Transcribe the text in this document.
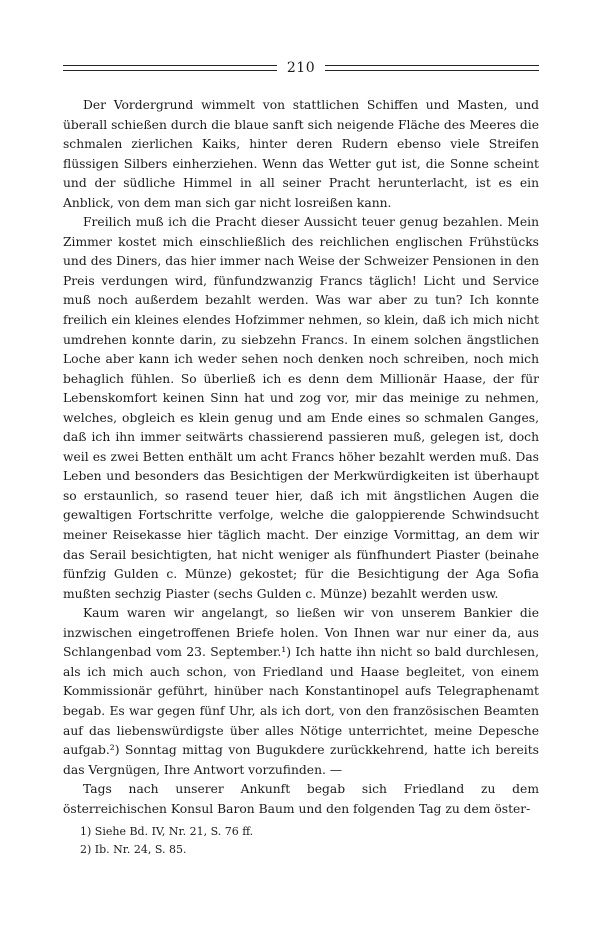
210

Der Vordergrund wimmelt von stattlichen Schiffen und Masten, und überall schießen durch die blaue sanft sich neigende Fläche des Meeres die schmalen zierlichen Kaiks, hinter deren Rudern ebenso viele Streifen flüssigen Silbers einherziehen. Wenn das Wetter gut ist, die Sonne scheint und der südliche Himmel in all seiner Pracht herunterlacht, ist es ein Anblick, von dem man sich gar nicht losreißen kann.

Freilich muß ich die Pracht dieser Aussicht teuer genug bezahlen. Mein Zimmer kostet mich einschließlich des reichlichen englischen Frühstücks und des Diners, das hier immer nach Weise der Schweizer Pensionen in den Preis verdungen wird, fünfundzwanzig Francs täglich! Licht und Service muß noch außerdem bezahlt werden. Was war aber zu tun? Ich konnte freilich ein kleines elendes Hofzimmer nehmen, so klein, daß ich mich nicht umdrehen konnte darin, zu siebzehn Francs. In einem solchen ängstlichen Loche aber kann ich weder sehen noch denken noch schreiben, noch mich behaglich fühlen. So überließ ich es denn dem Millionär Haase, der für Lebenskomfort keinen Sinn hat und zog vor, mir das meinige zu nehmen, welches, obgleich es klein genug und am Ende eines so schmalen Ganges, daß ich ihn immer seitwärts chassierend passieren muß, gelegen ist, doch weil es zwei Betten enthält um acht Francs höher bezahlt werden muß. Das Leben und besonders das Besichtigen der Merkwürdigkeiten ist überhaupt so erstaunlich, so rasend teuer hier, daß ich mit ängstlichen Augen die gewaltigen Fortschritte verfolge, welche die galoppierende Schwindsucht meiner Reisekasse hier täglich macht. Der einzige Vormittag, an dem wir das Serail besichtigten, hat nicht weniger als fünfhundert Piaster (beinahe fünfzig Gulden c. Münze) gekostet; für die Besichtigung der Aga Sofia mußten sechzig Piaster (sechs Gulden c. Münze) bezahlt werden usw.

Kaum waren wir angelangt, so ließen wir von unserem Bankier die inzwischen eingetroffenen Briefe holen. Von Ihnen war nur einer da, aus Schlangenbad vom 23. September.¹) Ich hatte ihn nicht so bald durchlesen, als ich mich auch schon, von Friedland und Haase begleitet, von einem Kommissionär geführt, hinüber nach Konstantinopel aufs Telegraphenamt begab. Es war gegen fünf Uhr, als ich dort, von den französischen Beamten auf das liebenswürdigste über alles Nötige unterrichtet, meine Depesche aufgab.²) Sonntag mittag von Bugukdere zurückkehrend, hatte ich bereits das Vergnügen, Ihre Antwort vorzufinden. —

Tags nach unserer Ankunft begab sich Friedland zu dem österreichischen Konsul Baron Baum und den folgenden Tag zu dem öster-

1) Siehe Bd. IV, Nr. 21, S. 76 ff.
2) Ib. Nr. 24, S. 85.
